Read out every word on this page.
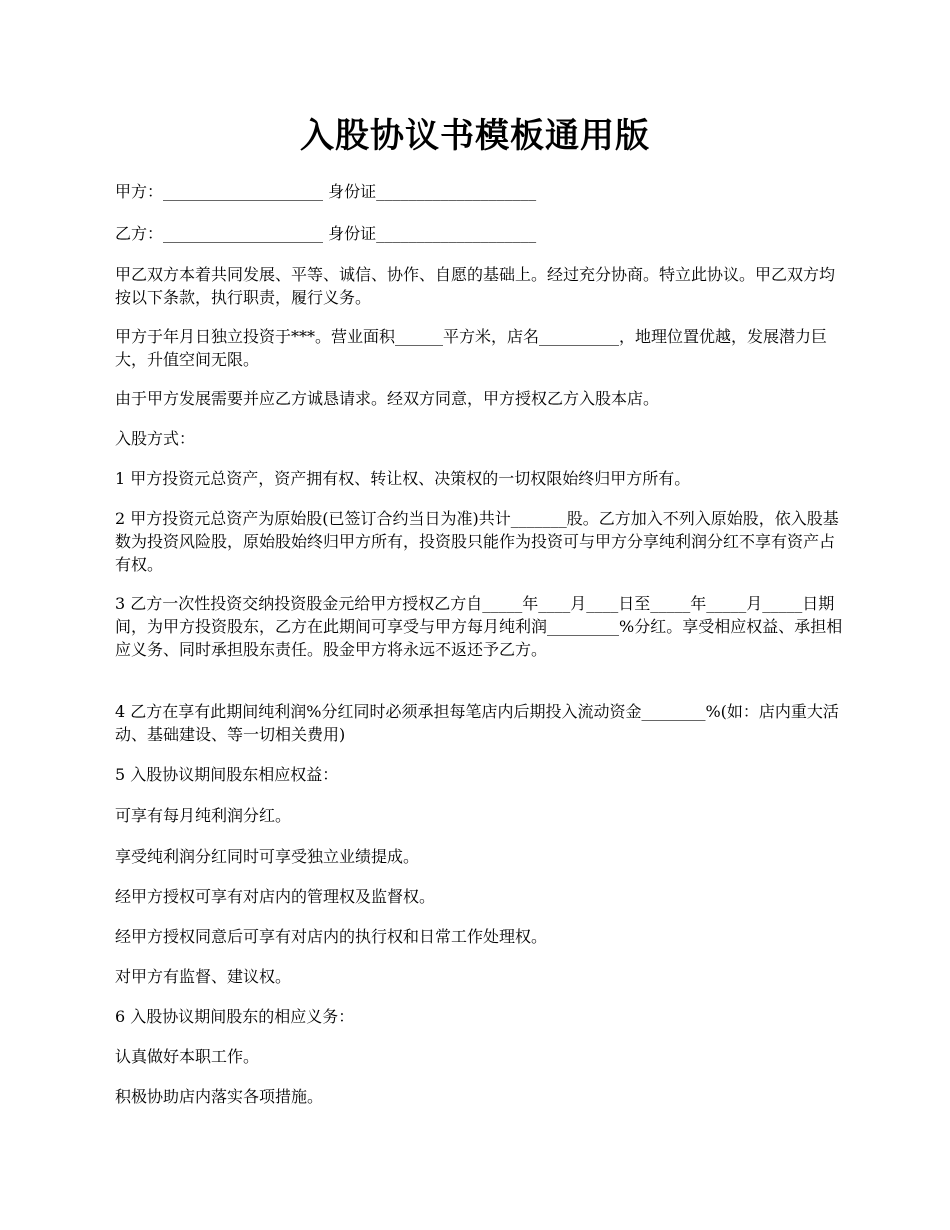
入股协议书模板通用版
甲方：____________________ 身份证____________________
乙方：____________________ 身份证____________________
甲乙双方本着共同发展、平等、诚信、协作、自愿的基础上。经过充分协商。特立此协议。甲乙双方均按以下条款，执行职责，履行义务。
甲方于年月日独立投资于***。营业面积______平方米，店名__________，地理位置优越，发展潜力巨大，升值空间无限。
由于甲方发展需要并应乙方诚恳请求。经双方同意，甲方授权乙方入股本店。
入股方式：
1 甲方投资元总资产，资产拥有权、转让权、决策权的一切权限始终归甲方所有。
2 甲方投资元总资产为原始股(已签订合约当日为准)共计_______股。乙方加入不列入原始股，依入股基数为投资风险股，原始股始终归甲方所有，投资股只能作为投资可与甲方分享纯利润分红不享有资产占有权。
3 乙方一次性投资交纳投资股金元给甲方授权乙方自_____年____月____日至_____年_____月_____日期间，为甲方投资股东，乙方在此期间可享受与甲方每月纯利润_________%分红。享受相应权益、承担相应义务、同时承担股东责任。股金甲方将永远不返还予乙方。
4 乙方在享有此期间纯利润%分红同时必须承担每笔店内后期投入流动资金________%(如：店内重大活动、基础建设、等一切相关费用)
5 入股协议期间股东相应权益：
可享有每月纯利润分红。
享受纯利润分红同时可享受独立业绩提成。
经甲方授权可享有对店内的管理权及监督权。
经甲方授权同意后可享有对店内的执行权和日常工作处理权。
对甲方有监督、建议权。
6 入股协议期间股东的相应义务：
认真做好本职工作。
积极协助店内落实各项措施。
